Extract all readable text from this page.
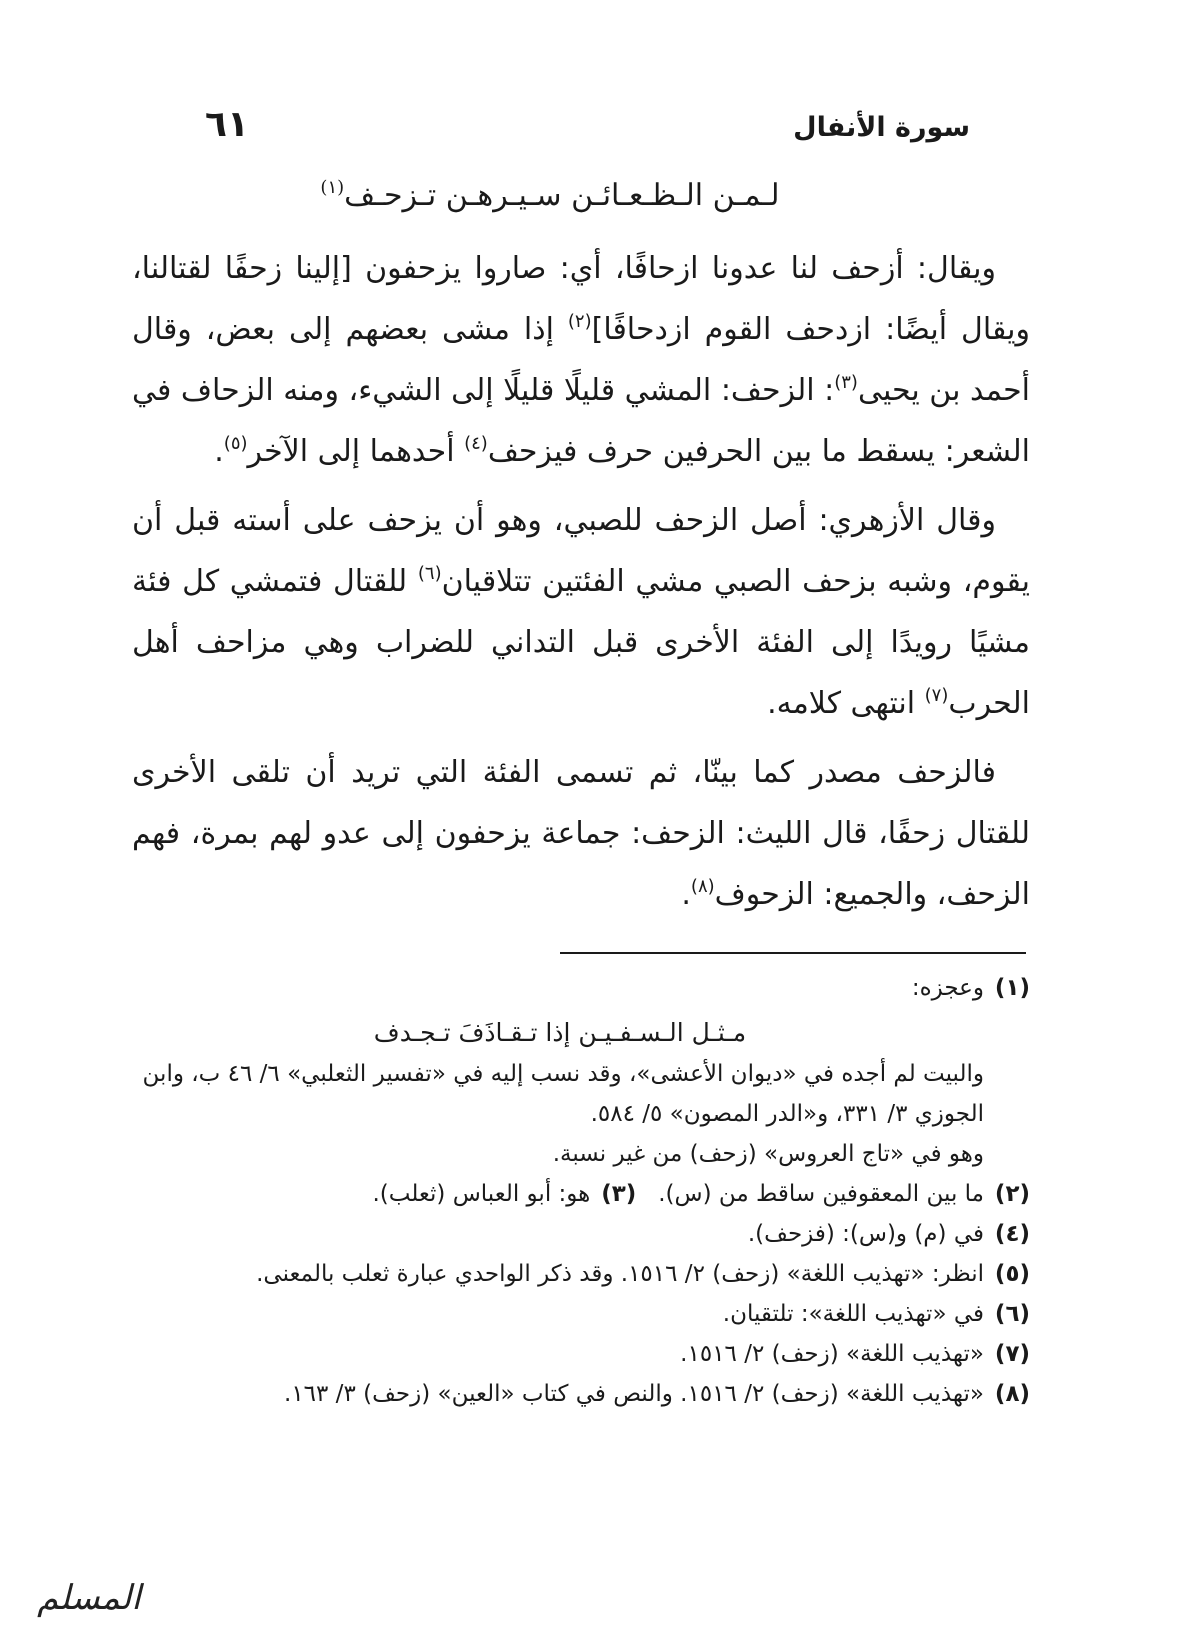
سورة الأنفال
٦١
لـمـن الـظـعـائـن سـيـرهـن تـزحـف$^{(١)}$

ويقال: أزحف لنا عدونا ازحافًا، أي: صاروا يزحفون [إلينا زحفًا لقتالنا، ويقال أيضًا: ازدحف القوم ازدحافًا]$^{(٢)}$ إذا مشى بعضهم إلى بعض، وقال أحمد بن يحيى$^{(٣)}$: الزحف: المشي قليلًا قليلًا إلى الشيء، ومنه الزحاف في الشعر: يسقط ما بين الحرفين حرف فيزحف$^{(٤)}$ أحدهما إلى الآخر$^{(٥)}$.

وقال الأزهري: أصل الزحف للصبي، وهو أن يزحف على أسته قبل أن يقوم، وشبه بزحف الصبي مشي الفئتين تتلاقيان$^{(٦)}$ للقتال فتمشي كل فئة مشيًا رويدًا إلى الفئة الأخرى قبل التداني للضراب وهي مزاحف أهل الحرب$^{(٧)}$ انتهى كلامه.

فالزحف مصدر كما بينّا، ثم تسمى الفئة التي تريد أن تلقى الأخرى للقتال زحفًا، قال الليث: الزحف: جماعة يزحفون إلى عدو لهم بمرة، فهم الزحف، والجميع: الزحوف$^{(٨)}$.

(١)وعجزه:
والبيت لم أجده في «ديوان الأعشى»، وقد نسب إليه في «تفسير الثعلبي» ٦/ ٤٦ ب، وابن الجوزي ٣/ ٣٣١، و«الدر المصون» ٥/ ٥٨٤.
وهو في «تاج العروس» (زحف) من غير نسبة.
(٢)ما بين المعقوفين ساقط من (س).   (٣)هو: أبو العباس (ثعلب).
(٤)في (م) و(س): (فزحف).
(٥)انظر: «تهذيب اللغة» (زحف) ٢/ ١٥١٦. وقد ذكر الواحدي عبارة ثعلب بالمعنى.
(٦)في «تهذيب اللغة»: تلتقيان.
(٧)«تهذيب اللغة» (زحف) ٢/ ١٥١٦.
(٨)«تهذيب اللغة» (زحف) ٢/ ١٥١٦. والنص في كتاب «العين» (زحف) ٣/ ١٦٣.
مـثـل الـسـفـيـن إذا تـقـاذَفَ تـجـدف
المسلم
